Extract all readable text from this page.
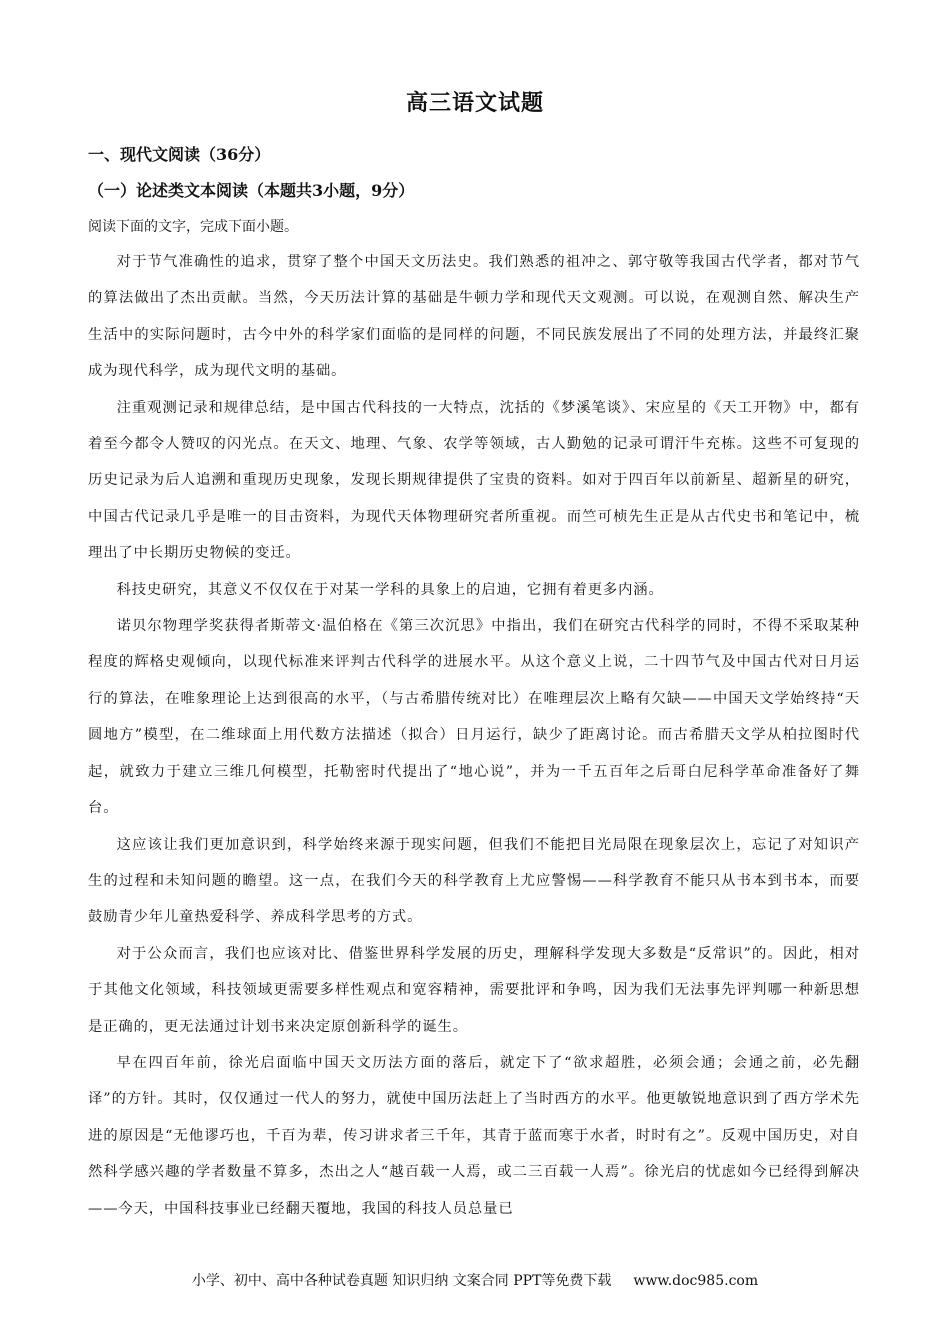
高三语文试题
一、现代文阅读（36分）
（一）论述类文本阅读（本题共3小题，9分）
阅读下面的文字，完成下面小题。

对于节气准确性的追求，贯穿了整个中国天文历法史。我们熟悉的祖冲之、郭守敬等我国古代学者，都对节气的算法做出了杰出贡献。当然，今天历法计算的基础是牛顿力学和现代天文观测。可以说，在观测自然、解决生产生活中的实际问题时，古今中外的科学家们面临的是同样的问题，不同民族发展出了不同的处理方法，并最终汇聚成为现代科学，成为现代文明的基础。

注重观测记录和规律总结，是中国古代科技的一大特点，沈括的《梦溪笔谈》、宋应星的《天工开物》中，都有着至今都令人赞叹的闪光点。在天文、地理、气象、农学等领域，古人勤勉的记录可谓汗牛充栋。这些不可复现的历史记录为后人追溯和重现历史现象，发现长期规律提供了宝贵的资料。如对于四百年以前新星、超新星的研究，中国古代记录几乎是唯一的目击资料，为现代天体物理研究者所重视。而竺可桢先生正是从古代史书和笔记中，梳理出了中长期历史物候的变迁。

科技史研究，其意义不仅仅在于对某一学科的具象上的启迪，它拥有着更多内涵。

诺贝尔物理学奖获得者斯蒂文·温伯格在《第三次沉思》中指出，我们在研究古代科学的同时，不得不采取某种程度的辉格史观倾向，以现代标准来评判古代科学的进展水平。从这个意义上说，二十四节气及中国古代对日月运行的算法，在唯象理论上达到很高的水平，（与古希腊传统对比）在唯理层次上略有欠缺——中国天文学始终持“天圆地方”模型，在二维球面上用代数方法描述（拟合）日月运行，缺少了距离讨论。而古希腊天文学从柏拉图时代起，就致力于建立三维几何模型，托勒密时代提出了“地心说”，并为一千五百年之后哥白尼科学革命准备好了舞台。

这应该让我们更加意识到，科学始终来源于现实问题，但我们不能把目光局限在现象层次上，忘记了对知识产生的过程和未知问题的瞻望。这一点，在我们今天的科学教育上尤应警惕——科学教育不能只从书本到书本，而要鼓励青少年儿童热爱科学、养成科学思考的方式。

对于公众而言，我们也应该对比、借鉴世界科学发展的历史，理解科学发现大多数是“反常识”的。因此，相对于其他文化领域，科技领域更需要多样性观点和宽容精神，需要批评和争鸣，因为我们无法事先评判哪一种新思想是正确的，更无法通过计划书来决定原创新科学的诞生。

早在四百年前，徐光启面临中国天文历法方面的落后，就定下了“欲求超胜，必须会通；会通之前，必先翻译”的方针。其时，仅仅通过一代人的努力，就使中国历法赶上了当时西方的水平。他更敏锐地意识到了西方学术先进的原因是“无他谬巧也，千百为辈，传习讲求者三千年，其青于蓝而寒于水者，时时有之”。反观中国历史，对自然科学感兴趣的学者数量不算多，杰出之人“越百载一人焉，或二三百载一人焉”。徐光启的忧虑如今已经得到解决——今天，中国科技事业已经翻天覆地，我国的科技人员总量已

小学、初中、高中各种试卷真题 知识归纳 文案合同 PPT等免费下载 www.doc985.com
